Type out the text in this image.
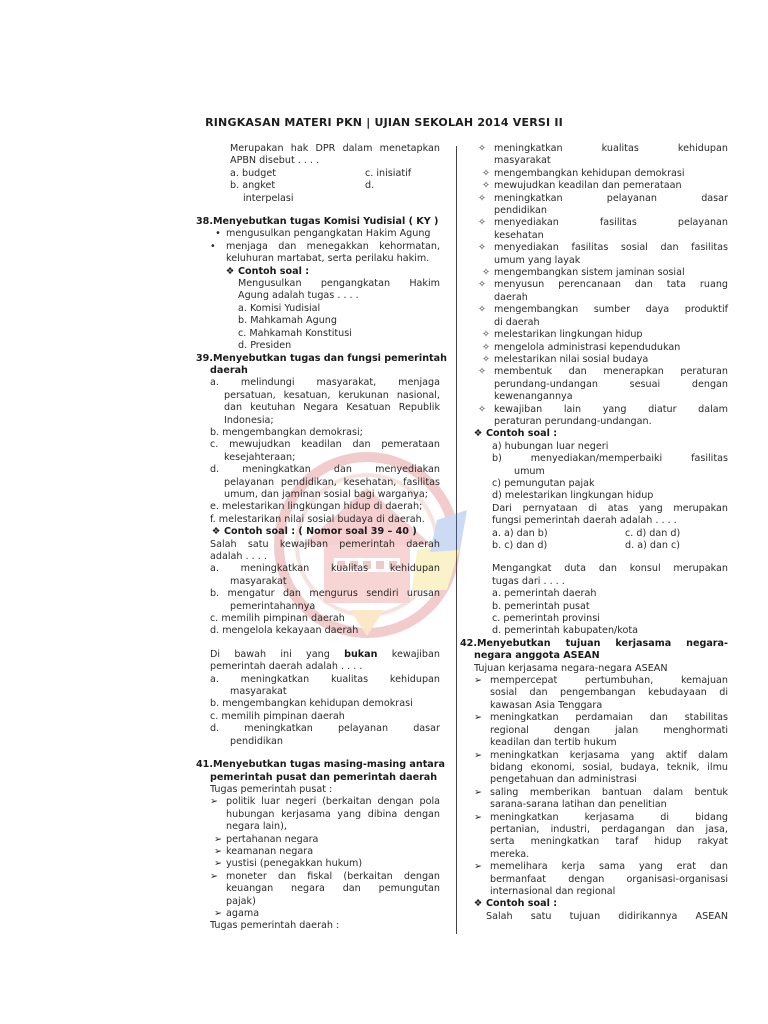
RINGKASAN MATERI PKN | UJIAN SEKOLAH 2014 VERSI II
Merupakan hak DPR dalam menetapkan
APBN disebut . . . .
a. budget	c. inisiatif
b. angket	d.
interpelasi
38.Menyebutkan tugas Komisi Yudisial ( KY )
• mengusulkan pengangkatan Hakim Agung
• menjaga dan menegakkan kehormatan,
keluhuran martabat, serta perilaku hakim.
❖ Contoh soal :
Mengusulkan pengangkatan Hakim
Agung adalah tugas . . . .
a. Komisi Yudisial
b. Mahkamah Agung
c. Mahkamah Konstitusi
d. Presiden
39.Menyebutkan tugas dan fungsi pemerintah
daerah
a. melindungi masyarakat, menjaga
persatuan, kesatuan, kerukunan nasional,
dan keutuhan Negara Kesatuan Republik
Indonesia;
b. mengembangkan demokrasi;
c. mewujudkan keadilan dan pemerataan
kesejahteraan;
d. meningkatkan dan menyediakan
pelayanan pendidikan, kesehatan, fasilitas
umum, dan jaminan sosial bagi warganya;
e. melestarikan lingkungan hidup di daerah;
f. melestarikan nilai sosial budaya di daerah.
❖ Contoh soal : ( Nomor soal 39 – 40 )
Salah satu kewajiban pemerintah daerah
adalah . . . .
a. meningkatkan kualitas kehidupan
masyarakat
b. mengatur dan mengurus sendiri urusan
pemerintahannya
c. memilih pimpinan daerah
d. mengelola kekayaan daerah
Di bawah ini yang bukan kewajiban
pemerintah daerah adalah . . . .
a. meningkatkan kualitas kehidupan
masyarakat
b. mengembangkan kehidupan demokrasi
c. memilih pimpinan daerah
d. meningkatkan pelayanan dasar
pendidikan
41.Menyebutkan tugas masing-masing antara
pemerintah pusat dan pemerintah daerah
Tugas pemerintah pusat :
➢ politik luar negeri (berkaitan dengan pola
hubungan kerjasama yang dibina dengan
negara lain),
➢ pertahanan negara
➢ keamanan negara
➢ yustisi (penegakkan hukum)
➢ moneter dan fiskal (berkaitan dengan
keuangan negara dan pemungutan
pajak)
➢ agama
Tugas pemerintah daerah :
✧ meningkatkan kualitas kehidupan
masyarakat
✧ mengembangkan kehidupan demokrasi
✧ mewujudkan keadilan dan pemerataan
✧ meningkatkan pelayanan dasar
pendidikan
✧ menyediakan fasilitas pelayanan
kesehatan
✧ menyediakan fasilitas sosial dan fasilitas
umum yang layak
✧ mengembangkan sistem jaminan sosial
✧ menyusun perencanaan dan tata ruang
daerah
✧ mengembangkan sumber daya produktif
di daerah
✧ melestarikan lingkungan hidup
✧ mengelola administrasi kependudukan
✧ melestarikan nilai sosial budaya
✧ membentuk dan menerapkan peraturan
perundang-undangan sesuai dengan
kewenangannya
✧ kewajiban lain yang diatur dalam
peraturan perundang-undangan.
❖ Contoh soal :
a) hubungan luar negeri
b) menyediakan/memperbaiki fasilitas
umum
c) pemungutan pajak
d) melestarikan lingkungan hidup
Dari pernyataan di atas yang merupakan
fungsi pemerintah daerah adalah . . . .
a. a) dan b)	c. d) dan d)
b. c) dan d)	d. a) dan c)
Mengangkat duta dan konsul merupakan
tugas dari . . . .
a. pemerintah daerah
b. pemerintah pusat
c. pemerintah provinsi
d. pemerintah kabupaten/kota
42.Menyebutkan tujuan kerjasama negara-
negara anggota ASEAN
Tujuan kerjasama negara-negara ASEAN
➢ mempercepat pertumbuhan, kemajuan
sosial dan pengembangan kebudayaan di
kawasan Asia Tenggara
➢ meningkatkan perdamaian dan stabilitas
regional dengan jalan menghormati
keadilan dan tertib hukum
➢ meningkatkan kerjasama yang aktif dalam
bidang ekonomi, sosial, budaya, teknik, ilmu
pengetahuan dan administrasi
➢ saling memberikan bantuan dalam bentuk
sarana-sarana latihan dan penelitian
➢ meningkatkan kerjasama di bidang
pertanian, industri, perdagangan dan jasa,
serta meningkatkan taraf hidup rakyat
mereka.
➢ memelihara kerja sama yang erat dan
bermanfaat dengan organisasi-organisasi
internasional dan regional
❖ Contoh soal :
Salah satu tujuan didirikannya ASEAN
